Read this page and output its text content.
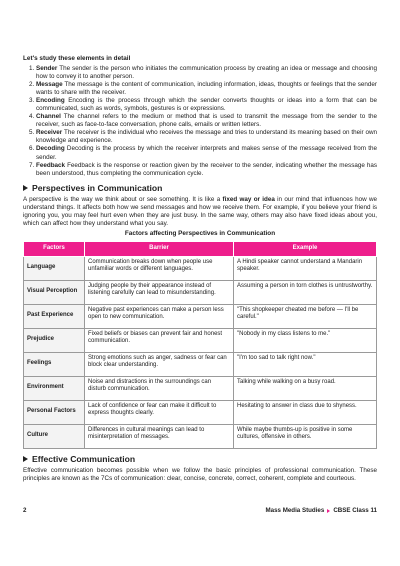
Let's study these elements in detail

1. Sender The sender is the person who initiates the communication process by creating an idea or message and choosing how to convey it to another person.
2. Message The message is the content of communication, including information, ideas, thoughts or feelings that the sender wants to share with the receiver.
3. Encoding Encoding is the process through which the sender converts thoughts or ideas into a form that can be communicated, such as words, symbols, gestures is or expressions.
4. Channel The channel refers to the medium or method that is used to transmit the message from the sender to the receiver, such as face-to-face conversation, phone calls, emails or written letters.
5. Receiver The receiver is the individual who receives the message and tries to understand its meaning based on their own knowledge and experience.
6. Decoding Decoding is the process by which the receiver interprets and makes sense of the message received from the sender.
7. Feedback Feedback is the response or reaction given by the receiver to the sender, indicating whether the message has been understood, thus completing the communication cycle.
Perspectives in Communication

A perspective is the way we think about or see something. It is like a fixed way or idea in our mind that influences how we understand things. It affects both how we send messages and how we receive them. For example, if you believe your friend is ignoring you, you may feel hurt even when they are just busy. In the same way, others may also have fixed ideas about you, which can affect how they understand what you say.

Factors affecting Perspectives in Communication
Factors	Barrier	Example
Language	Communication breaks down when people use unfamiliar words or different languages.	A Hindi speaker cannot understand a Mandarin speaker.
Visual Perception	Judging people by their appearance instead of listening carefully can lead to misunderstanding.	Assuming a person in torn clothes is untrustworthy.
Past Experience	Negative past experiences can make a person less open to new communication.	"This shopkeeper cheated me before — I'll be careful."
Prejudice	Fixed beliefs or biases can prevent fair and honest communication.	"Nobody in my class listens to me."
Feelings	Strong emotions such as anger, sadness or fear can block clear understanding.	"I'm too sad to talk right now."
Environment	Noise and distractions in the surroundings can disturb communication.	Talking while walking on a busy road.
Personal Factors	Lack of confidence or fear can make it difficult to express thoughts clearly.	Hesitating to answer in class due to shyness.
Culture	Differences in cultural meanings can lead to misinterpretation of messages.	While maybe thumbs-up is positive in some cultures, offensive in others.
Effective Communication

Effective communication becomes possible when we follow the basic principles of professional communication. These principles are known as the 7Cs of communication: clear, concise, concrete, correct, coherent, complete and courteous.

2	Mass Media Studies CBSE Class 11
